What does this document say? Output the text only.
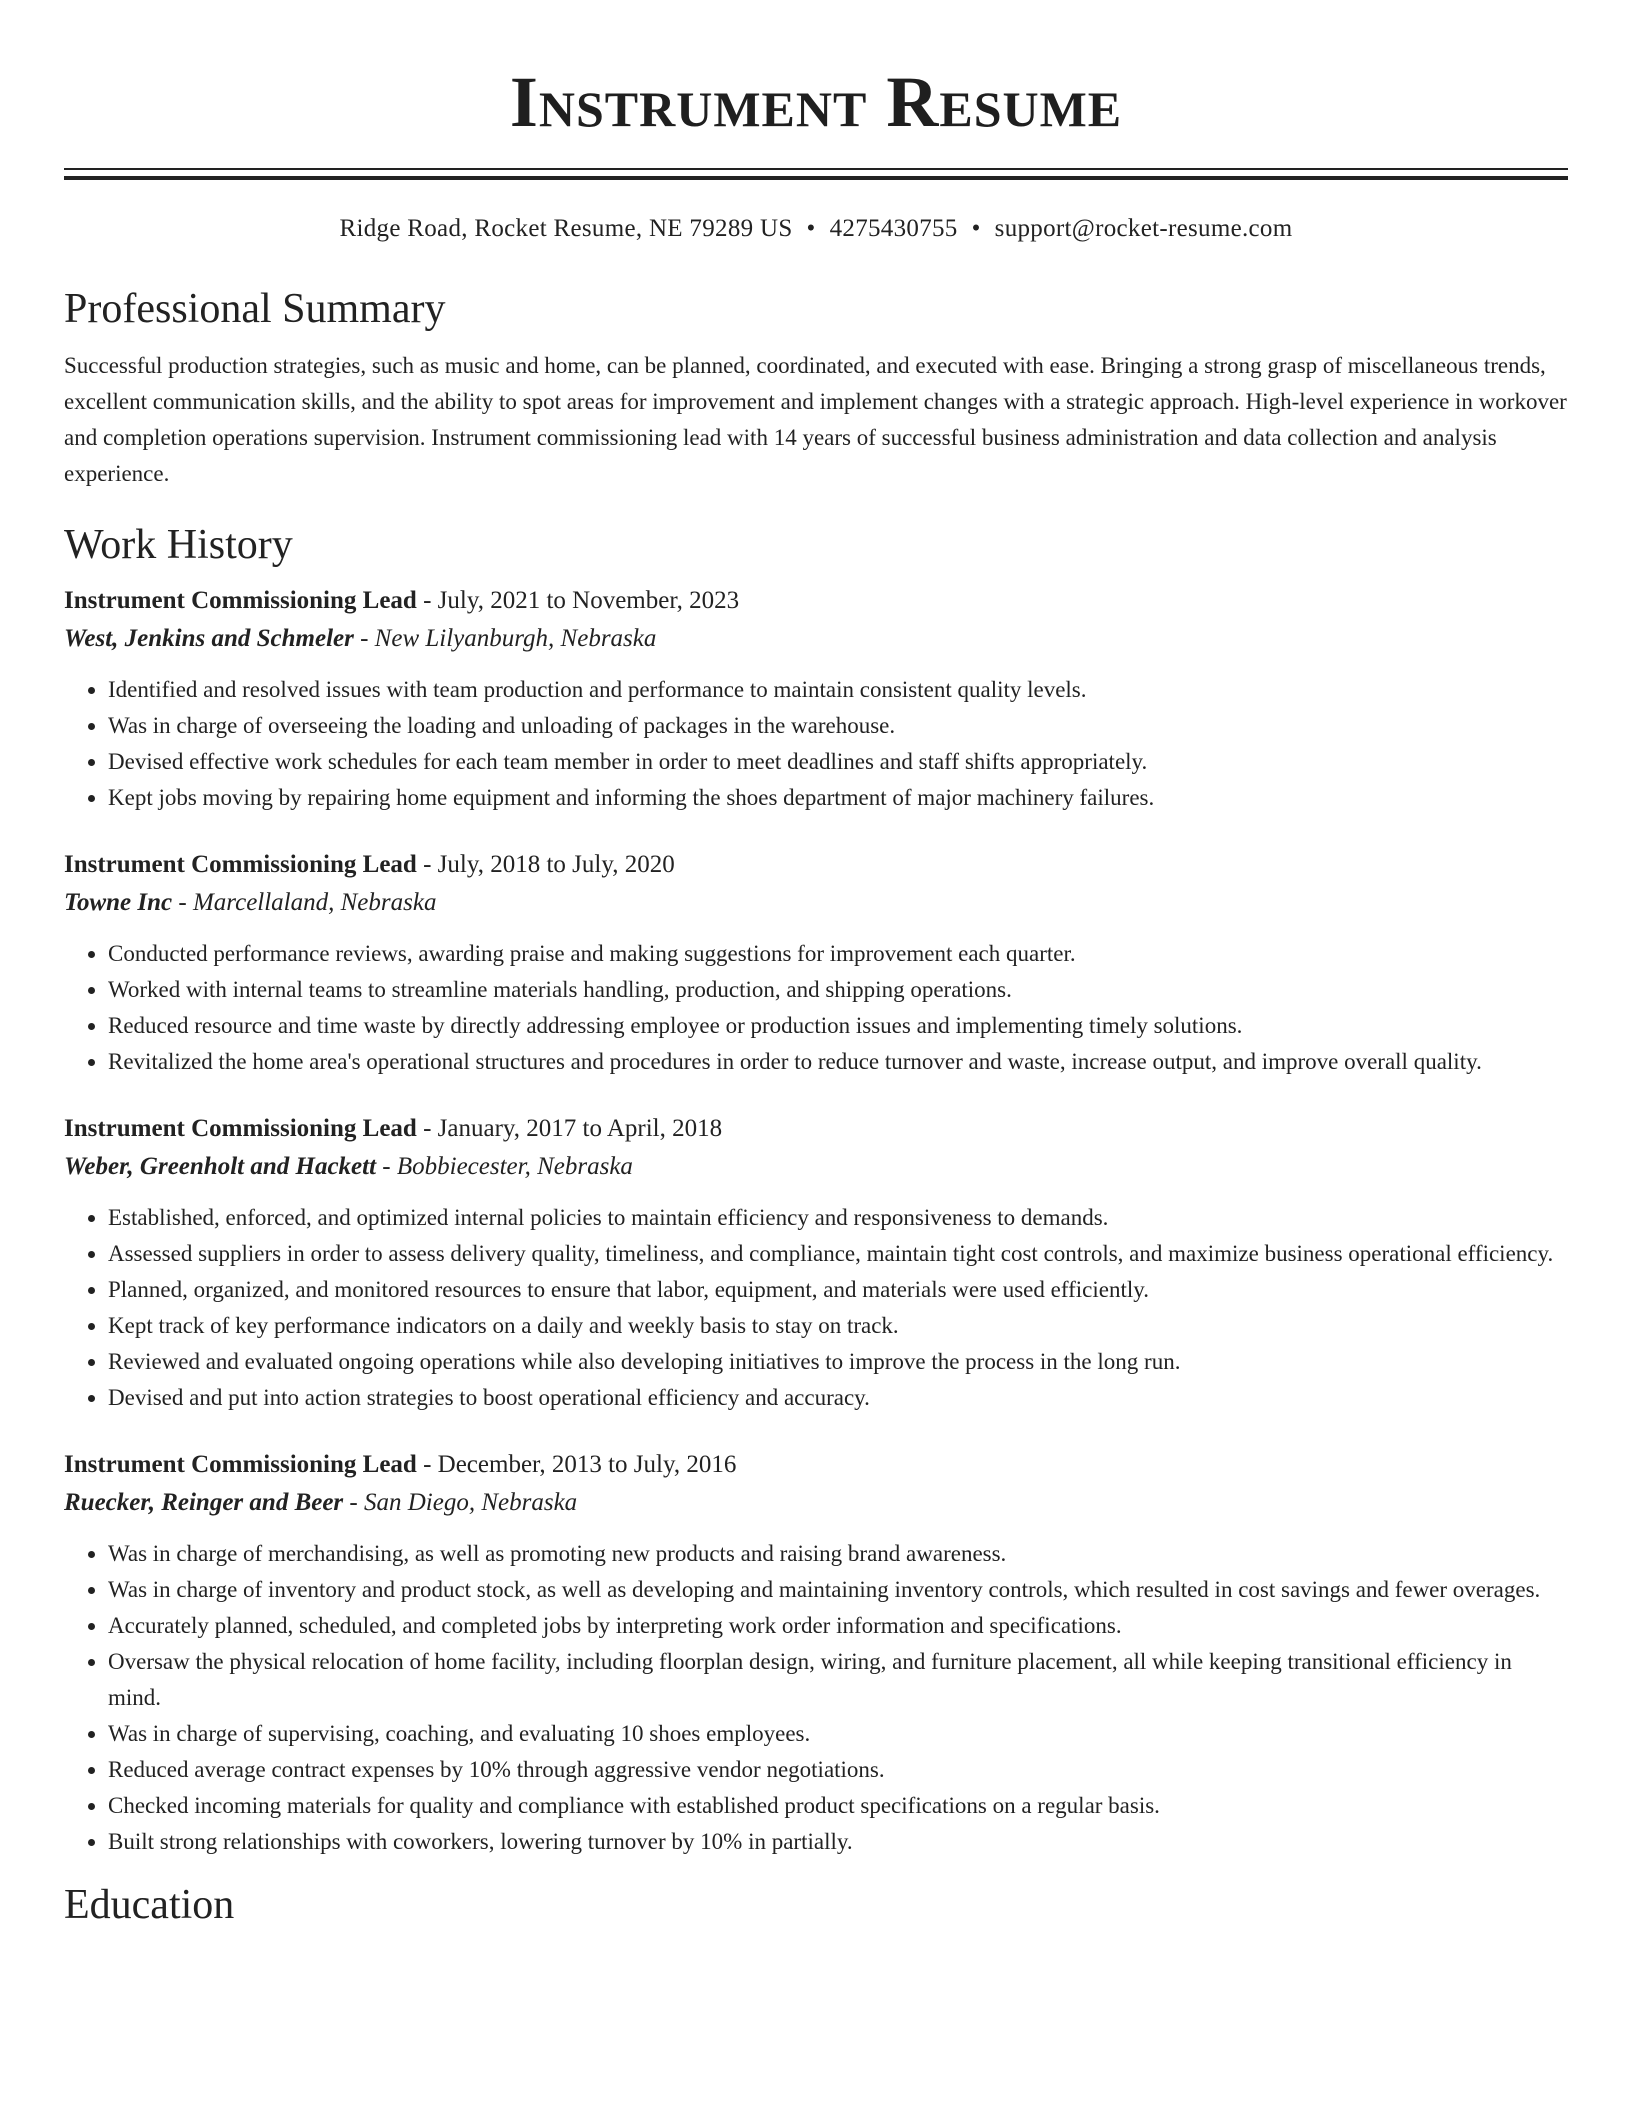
Instrument Resume
Ridge Road, Rocket Resume, NE 79289 US • 4275430755 • support@rocket-resume.com
Professional Summary
Successful production strategies, such as music and home, can be planned, coordinated, and executed with ease. Bringing a strong grasp of miscellaneous trends, excellent communication skills, and the ability to spot areas for improvement and implement changes with a strategic approach. High-level experience in workover and completion operations supervision. Instrument commissioning lead with 14 years of successful business administration and data collection and analysis experience.
Work History
Instrument Commissioning Lead - July, 2021 to November, 2023
West, Jenkins and Schmeler - New Lilyanburgh, Nebraska
• Identified and resolved issues with team production and performance to maintain consistent quality levels.
• Was in charge of overseeing the loading and unloading of packages in the warehouse.
• Devised effective work schedules for each team member in order to meet deadlines and staff shifts appropriately.
• Kept jobs moving by repairing home equipment and informing the shoes department of major machinery failures.
Instrument Commissioning Lead - July, 2018 to July, 2020
Towne Inc - Marcellaland, Nebraska
• Conducted performance reviews, awarding praise and making suggestions for improvement each quarter.
• Worked with internal teams to streamline materials handling, production, and shipping operations.
• Reduced resource and time waste by directly addressing employee or production issues and implementing timely solutions.
• Revitalized the home area's operational structures and procedures in order to reduce turnover and waste, increase output, and improve overall quality.
Instrument Commissioning Lead - January, 2017 to April, 2018
Weber, Greenholt and Hackett - Bobbiecester, Nebraska
• Established, enforced, and optimized internal policies to maintain efficiency and responsiveness to demands.
• Assessed suppliers in order to assess delivery quality, timeliness, and compliance, maintain tight cost controls, and maximize business operational efficiency.
• Planned, organized, and monitored resources to ensure that labor, equipment, and materials were used efficiently.
• Kept track of key performance indicators on a daily and weekly basis to stay on track.
• Reviewed and evaluated ongoing operations while also developing initiatives to improve the process in the long run.
• Devised and put into action strategies to boost operational efficiency and accuracy.
Instrument Commissioning Lead - December, 2013 to July, 2016
Ruecker, Reinger and Beer - San Diego, Nebraska
• Was in charge of merchandising, as well as promoting new products and raising brand awareness.
• Was in charge of inventory and product stock, as well as developing and maintaining inventory controls, which resulted in cost savings and fewer overages.
• Accurately planned, scheduled, and completed jobs by interpreting work order information and specifications.
• Oversaw the physical relocation of home facility, including floorplan design, wiring, and furniture placement, all while keeping transitional efficiency in mind.
• Was in charge of supervising, coaching, and evaluating 10 shoes employees.
• Reduced average contract expenses by 10% through aggressive vendor negotiations.
• Checked incoming materials for quality and compliance with established product specifications on a regular basis.
• Built strong relationships with coworkers, lowering turnover by 10% in partially.
Education
